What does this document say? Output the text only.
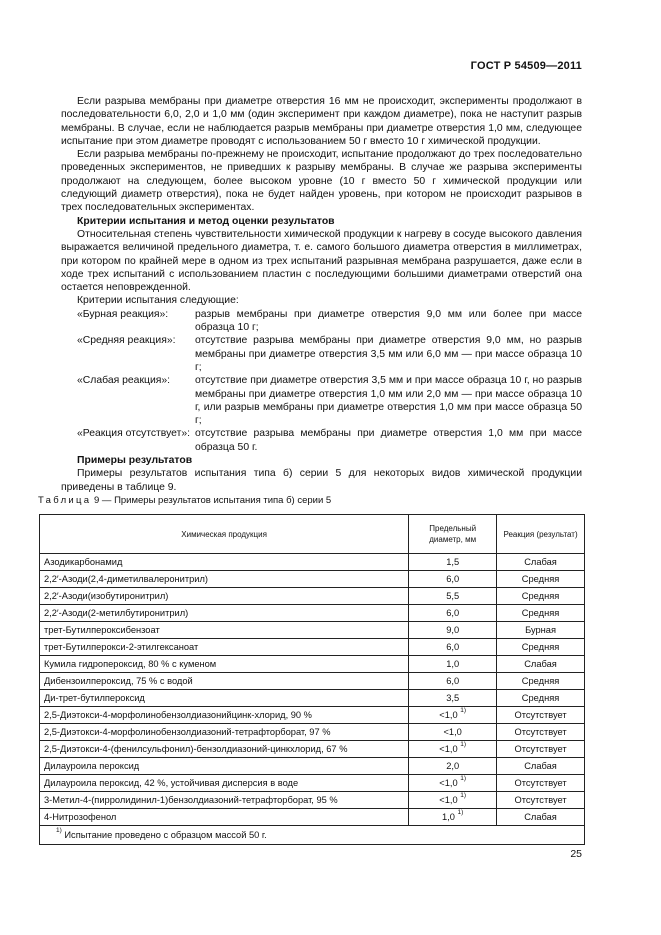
ГОСТ Р 54509—2011

Если разрыва мембраны при диаметре отверстия 16 мм не происходит, эксперименты продолжают в последовательности 6,0, 2,0 и 1,0 мм (один эксперимент при каждом диаметре), пока не наступит разрыв мембраны. В случае, если не наблюдается разрыв мембраны при диаметре отверстия 1,0 мм, следующее испытание при этом диаметре проводят с использованием 50 г вместо 10 г химической продукции.

Если разрыва мембраны по-прежнему не происходит, испытание продолжают до трех последовательно проведенных экспериментов, не приведших к разрыву мембраны. В случае же разрыва эксперименты продолжают на следующем, более высоком уровне (10 г вместо 50 г химической продукции или следующий диаметр отверстия), пока не будет найден уровень, при котором не происходит разрывов в трех последовательных экспериментах.

Критерии испытания и метод оценки результатов

Относительная степень чувствительности химической продукции к нагреву в сосуде высокого давления выражается величиной предельного диаметра, т. е. самого большого диаметра отверстия в миллиметрах, при котором по крайней мере в одном из трех испытаний разрывная мембрана разрушается, даже если в ходе трех испытаний с использованием пластин с последующими большими диаметрами отверстий она остается неповрежденной.

Критерии испытания следующие:

«Бурная реакция»:	разрыв мембраны при диаметре отверстия 9,0 мм или более при массе образца 10 г;
«Средняя реакция»:	отсутствие разрыва мембраны при диаметре отверстия 9,0 мм, но разрыв мембраны при диаметре отверстия 3,5 мм или 6,0 мм — при массе образца 10 г;
«Слабая реакция»:	отсутствие при диаметре отверстия 3,5 мм и при массе образца 10 г, но разрыв мембраны при диаметре отверстия 1,0 мм или 2,0 мм — при массе образца 10 г, или разрыв мембраны при диаметре отверстия 1,0 мм при массе образца 50 г;
«Реакция отсутствует»: отсутствие разрыва мембраны при диаметре отверстия 1,0 мм при массе образца 50 г.

Примеры результатов

Примеры результатов испытания типа б) серии 5 для некоторых видов химической продукции приведены в таблице 9.

Таблица 9 — Примеры результатов испытания типа б) серии 5
Химическая продукция	Предельный диаметр, мм	Реакция (результат)
Азодикарбонамид	1,5	Слабая
2,2′-Азоди(2,4-диметилвалеронитрил)	6,0	Средняя
2,2′-Азоди(изобутиронитрил)	5,5	Средняя
2,2′-Азоди(2-метилбутиронитрил)	6,0	Средняя
трет-Бутилпероксибензоат	9,0	Бурная
трет-Бутилперокси-2-этилгексаноат	6,0	Средняя
Кумила гидропероксид, 80 % с куменом	1,0	Слабая
Дибензоилпероксид, 75 % с водой	6,0	Средняя
Ди-трет-бутилпероксид	3,5	Средняя
2,5-Диэтокси-4-морфолинобензолдиазонийцинк-хлорид, 90 %	<1,0 $^{1)}$	Отсутствует
2,5-Диэтокси-4-морфолинобензолдиазоний-тетрафторборат, 97 %	<1,0	Отсутствует
2,5-Диэтокси-4-(фенилсульфонил)-бензолдиазоний-цинкхлорид, 67 %	<1,0 $^{1)}$	Отсутствует
Дилауроила пероксид	2,0	Слабая
Дилауроила пероксид, 42 %, устойчивая дисперсия в воде	<1,0 $^{1)}$	Отсутствует
3-Метил-4-(пирролидинил-1)бензолдиазоний-тетрафторборат, 95 %	<1,0 $^{1)}$	Отсутствует
4-Нитрозофенол	1,0 $^{1)}$	Слабая
$^{1)}$ Испытание проведено с образцом массой 50 г.		
25
